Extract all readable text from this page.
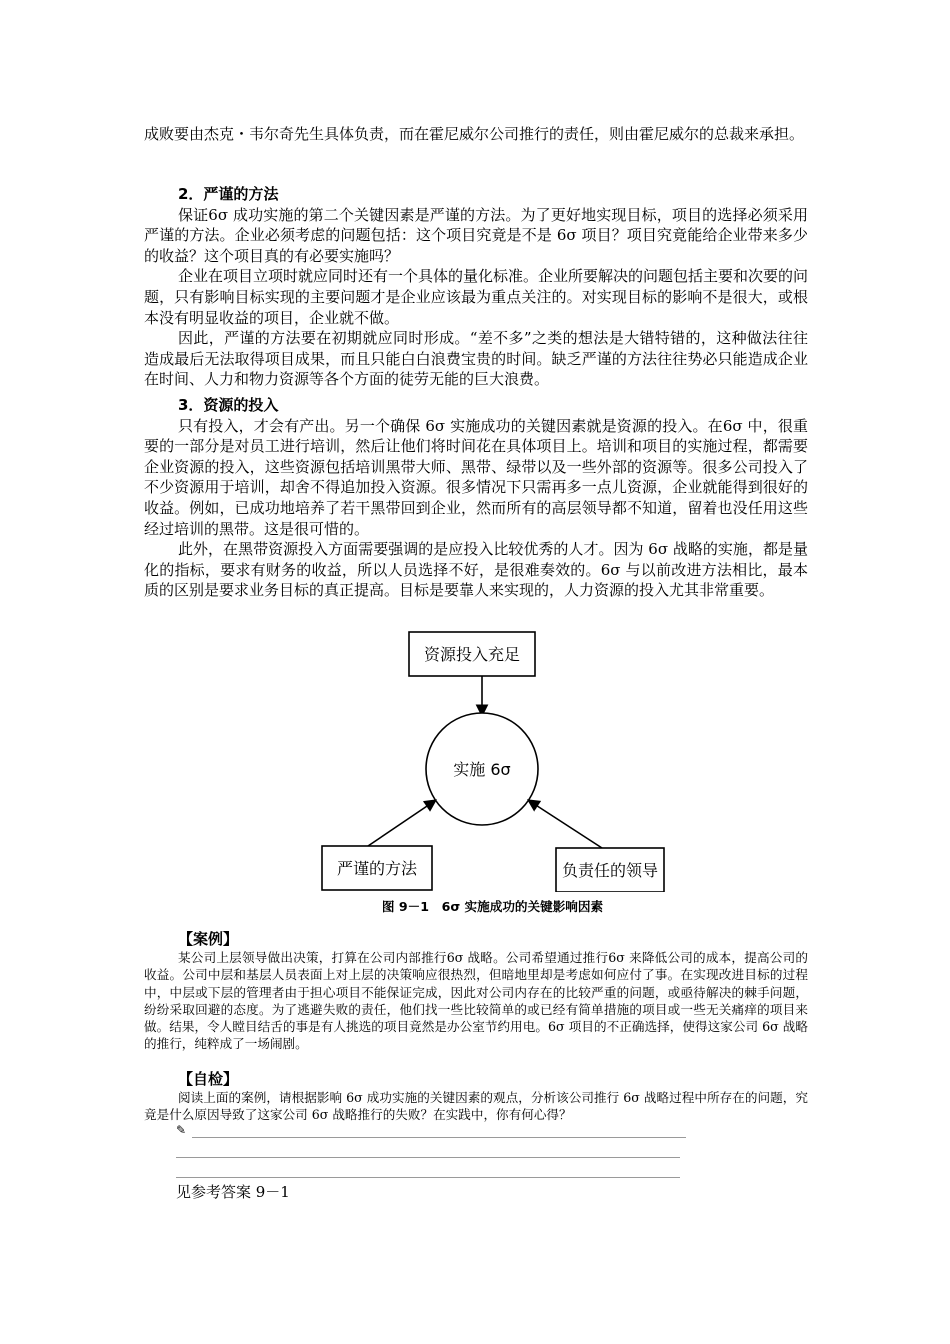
成败要由杰克・韦尔奇先生具体负责，而在霍尼威尔公司推行的责任，则由霍尼威尔的总裁来承担。

2．严谨的方法

保证6σ 成功实施的第二个关键因素是严谨的方法。为了更好地实现目标，项目的选择必须采用严谨的方法。企业必须考虑的问题包括：这个项目究竟是不是 6σ 项目？项目究竟能给企业带来多少的收益？这个项目真的有必要实施吗？

企业在项目立项时就应同时还有一个具体的量化标准。企业所要解决的问题包括主要和次要的问题，只有影响目标实现的主要问题才是企业应该最为重点关注的。对实现目标的影响不是很大，或根本没有明显收益的项目，企业就不做。

因此，严谨的方法要在初期就应同时形成。“差不多”之类的想法是大错特错的，这种做法往往造成最后无法取得项目成果，而且只能白白浪费宝贵的时间。缺乏严谨的方法往往势必只能造成企业在时间、人力和物力资源等各个方面的徒劳无能的巨大浪费。

3．资源的投入

只有投入，才会有产出。另一个确保 6σ 实施成功的关键因素就是资源的投入。在6σ 中，很重要的一部分是对员工进行培训，然后让他们将时间花在具体项目上。培训和项目的实施过程，都需要企业资源的投入，这些资源包括培训黑带大师、黑带、绿带以及一些外部的资源等。很多公司投入了不少资源用于培训，却舍不得追加投入资源。很多情况下只需再多一点儿资源，企业就能得到很好的收益。例如，已成功地培养了若干黑带回到企业，然而所有的高层领导都不知道，留着也没任用这些经过培训的黑带。这是很可惜的。

此外，在黑带资源投入方面需要强调的是应投入比较优秀的人才。因为 6σ 战略的实施，都是量化的指标，要求有财务的收益，所以人员选择不好，是很难奏效的。6σ 与以前改进方法相比，最本质的区别是要求业务目标的真正提高。目标是要靠人来实现的，人力资源的投入尤其非常重要。

资源投入充足
实施 6σ
严谨的方法	负责任的领导
图 9－1　6σ 实施成功的关键影响因素

【案例】

某公司上层领导做出决策，打算在公司内部推行6σ 战略。公司希望通过推行6σ 来降低公司的成本，提高公司的收益。公司中层和基层人员表面上对上层的决策响应很热烈，但暗地里却是考虑如何应付了事。在实现改进目标的过程中，中层或下层的管理者由于担心项目不能保证完成，因此对公司内存在的比较严重的问题，或亟待解决的棘手问题，纷纷采取回避的态度。为了逃避失败的责任，他们找一些比较简单的或已经有简单措施的项目或一些无关痛痒的项目来做。结果，令人瞠目结舌的事是有人挑选的项目竟然是办公室节约用电。6σ 项目的不正确选择，使得这家公司 6σ 战略的推行，纯粹成了一场闹剧。

【自检】

阅读上面的案例，请根据影响 6σ 成功实施的关键因素的观点，分析该公司推行 6σ 战略过程中所存在的问题，究竟是什么原因导致了这家公司 6σ 战略推行的失败？在实践中，你有何心得？

✎
见参考答案 9－1
